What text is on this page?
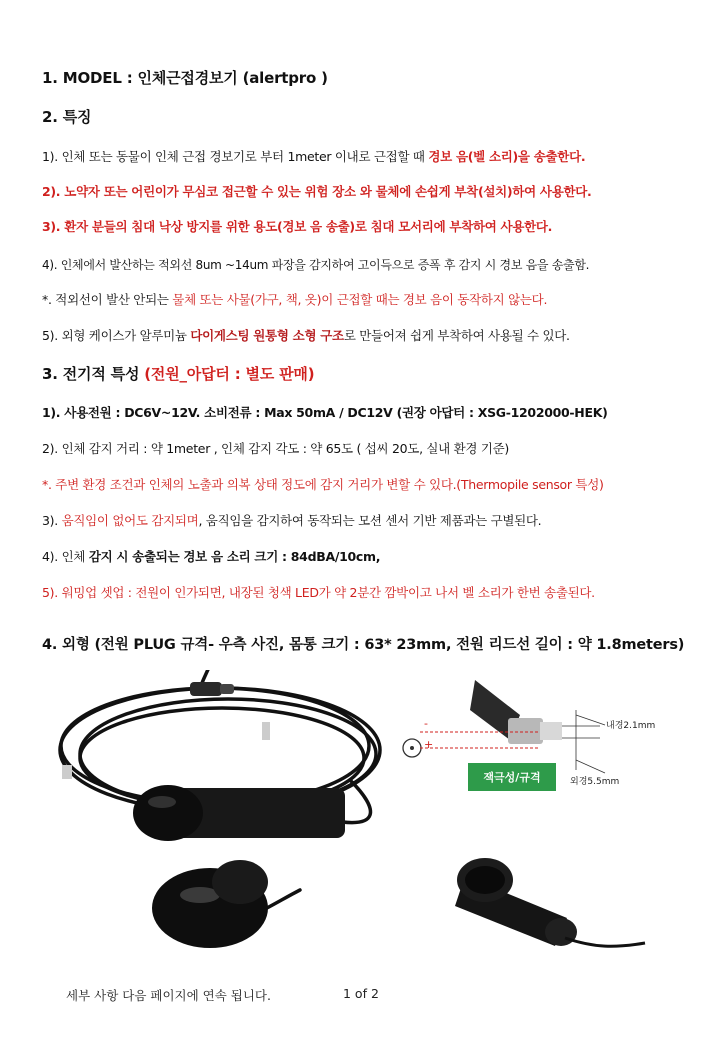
1. MODEL : 인체근접경보기 (alertpro )
2. 특징
1). 인체 또는 동물이 인체 근접 경보기로 부터 1meter 이내로 근접할 때 경보 음(벨 소리)을 송출한다.
2). 노약자 또는 어린이가 무심코 접근할 수 있는 위험 장소 와 물체에 손쉽게 부착(설치)하여 사용한다.
3). 환자 분들의 침대 낙상 방지를 위한 용도(경보 음 송출)로 침대 모서리에 부착하여 사용한다.
4). 인체에서 발산하는 적외선 8um ~14um 파장을 감지하여 고이득으로 증폭 후 감지 시 경보 음을 송출함.
*. 적외선이 발산 안되는 물체 또는 사물(가구, 책, 옷)이 근접할 때는 경보 음이 동작하지 않는다.
5). 외형 케이스가 알루미늄 다이게스팅 원통형 소형 구조로 만들어져 쉽게 부착하여 사용될 수 있다.
3. 전기적 특성 (전원_아답터 : 별도 판매)
1). 사용전원 : DC6V~12V. 소비전류 : Max 50mA / DC12V (권장 아답터 : XSG-1202000-HEK)
2). 인체 감지 거리 : 약 1meter , 인체 감지 각도 : 약 65도 ( 섭씨 20도, 실내 환경 기준)
*. 주변 환경 조건과 인체의 노출과 의복 상태 정도에 감지 거리가 변할 수 있다.(Thermopile sensor 특성)
3). 움직임이 없어도 감지되며, 움직임을 감지하여 동작되는 모션 센서 기반 제품과는 구별된다.
4). 인체 감지 시 송출되는 경보 음 소리 크기 : 84dBA/10cm,
5). 워밍업 셋업 : 전원이 인가되면, 내장된 청색 LED가 약 2분간 깜박이고 나서 벨 소리가 한번 송출된다.
4. 외형 (전원 PLUG 규격- 우측 사진, 몸통 크기 : 63* 23mm, 전원 리드선 길이 : 약 1.8meters)
-
+
내경2.1mm
외경5.5mm
잭극성/규격
세부 사항 다음 페이지에 연속 됩니다.	1 of 2
